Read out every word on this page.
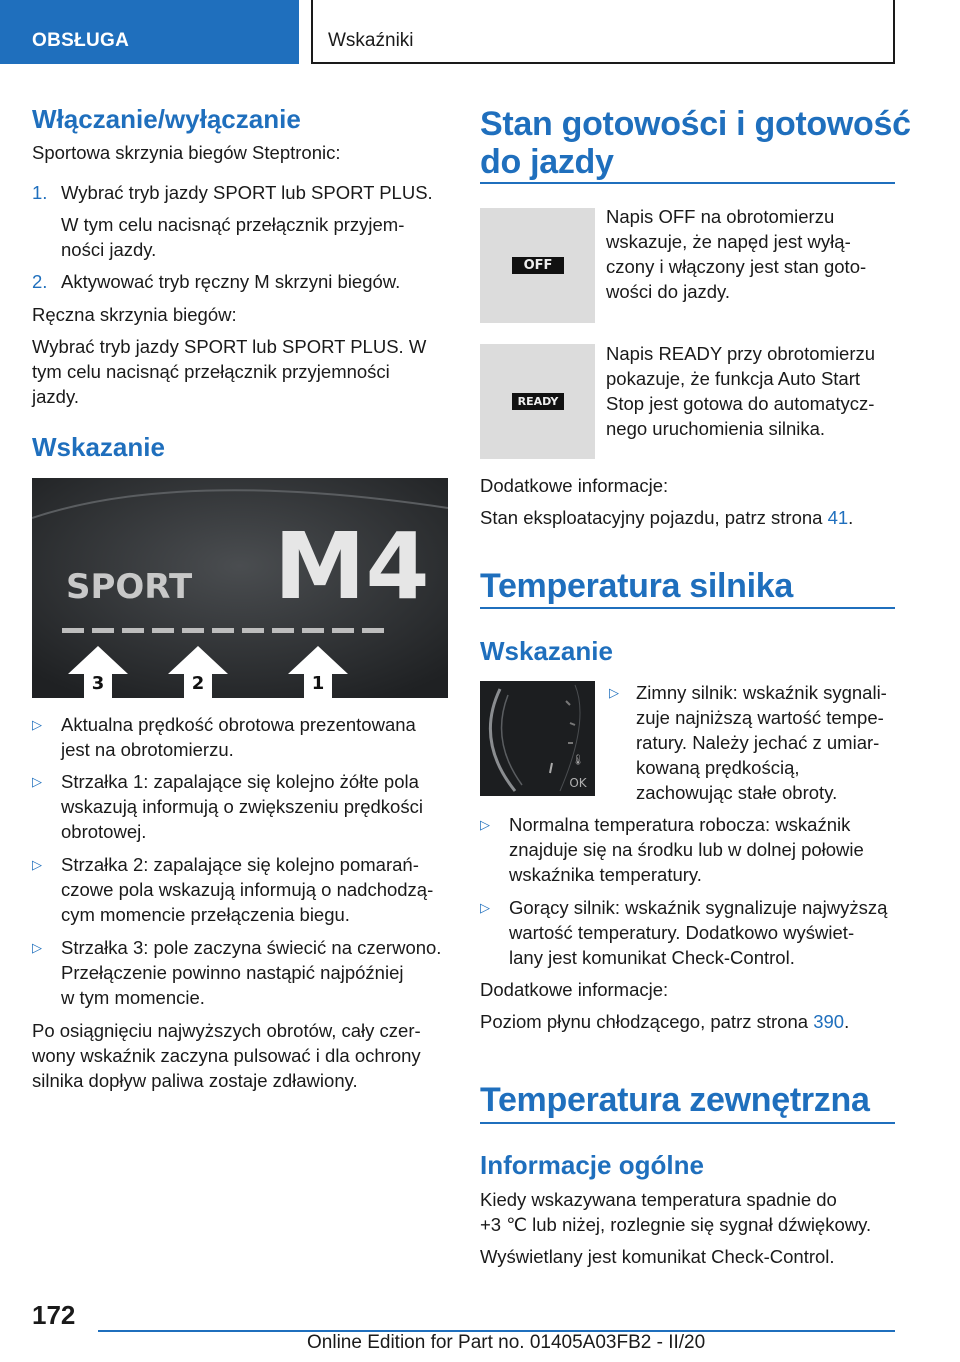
OBSŁUGA	Wskaźniki
Włączanie/wyłączanie

Sportowa skrzynia biegów Steptronic:

1. Wybrać tryb jazdy SPORT lub SPORT PLUS.

W tym celu nacisnąć przełącznik przyjem-

ności jazdy.

2. Aktywować tryb ręczny M skrzyni biegów.

Ręczna skrzynia biegów:

Wybrać tryb jazdy SPORT lub SPORT PLUS. W

tym celu nacisnąć przełącznik przyjemności

jazdy.

Wskazanie
SPORT M4
3	2	1
▷ Aktualna prędkość obrotowa prezentowana

jest na obrotomierzu.

▷ Strzałka 1: zapalające się kolejno żółte pola

wskazują informują o zwiększeniu prędkości

obrotowej.

▷ Strzałka 2: zapalające się kolejno pomarań-

czowe pola wskazują informują o nadchodzą-

cym momencie przełączenia biegu.

▷ Strzałka 3: pole zaczyna świecić na czerwono.

Przełączenie powinno nastąpić najpóźniej

w tym momencie.

Po osiągnięciu najwyższych obrotów, cały czer-

wony wskaźnik zaczyna pulsować i dla ochrony

silnika dopływ paliwa zostaje zdławiony.

Stan gotowości i gotowość
do jazdy
OFF

Napis OFF na obrotomierzu

wskazuje, że napęd jest wyłą-

czony i włączony jest stan goto-

wości do jazdy.

READY

Napis READY przy obrotomierzu

pokazuje, że funkcja Auto Start

Stop jest gotowa do automatycz-

nego uruchomienia silnika.

Dodatkowe informacje:

Stan eksploatacyjny pojazdu, patrz strona 41.

Temperatura silnika
Wskazanie
🌡
OK
▷ Zimny silnik: wskaźnik sygnali-

zuje najniższą wartość tempe-

ratury. Należy jechać z umiar-

kowaną prędkością,

zachowując stałe obroty.

▷ Normalna temperatura robocza: wskaźnik

znajduje się na środku lub w dolnej połowie

wskaźnika temperatury.

▷ Gorący silnik: wskaźnik sygnalizuje najwyższą

wartość temperatury. Dodatkowo wyświet-

lany jest komunikat Check-Control.

Dodatkowe informacje:

Poziom płynu chłodzącego, patrz strona 390.

Temperatura zewnętrzna
Informacje ogólne

Kiedy wskazywana temperatura spadnie do

+3 ℃ lub niżej, rozlegnie się sygnał dźwiękowy.

Wyświetlany jest komunikat Check-Control.

172
Online Edition for Part no. 01405A03FB2 - II/20
